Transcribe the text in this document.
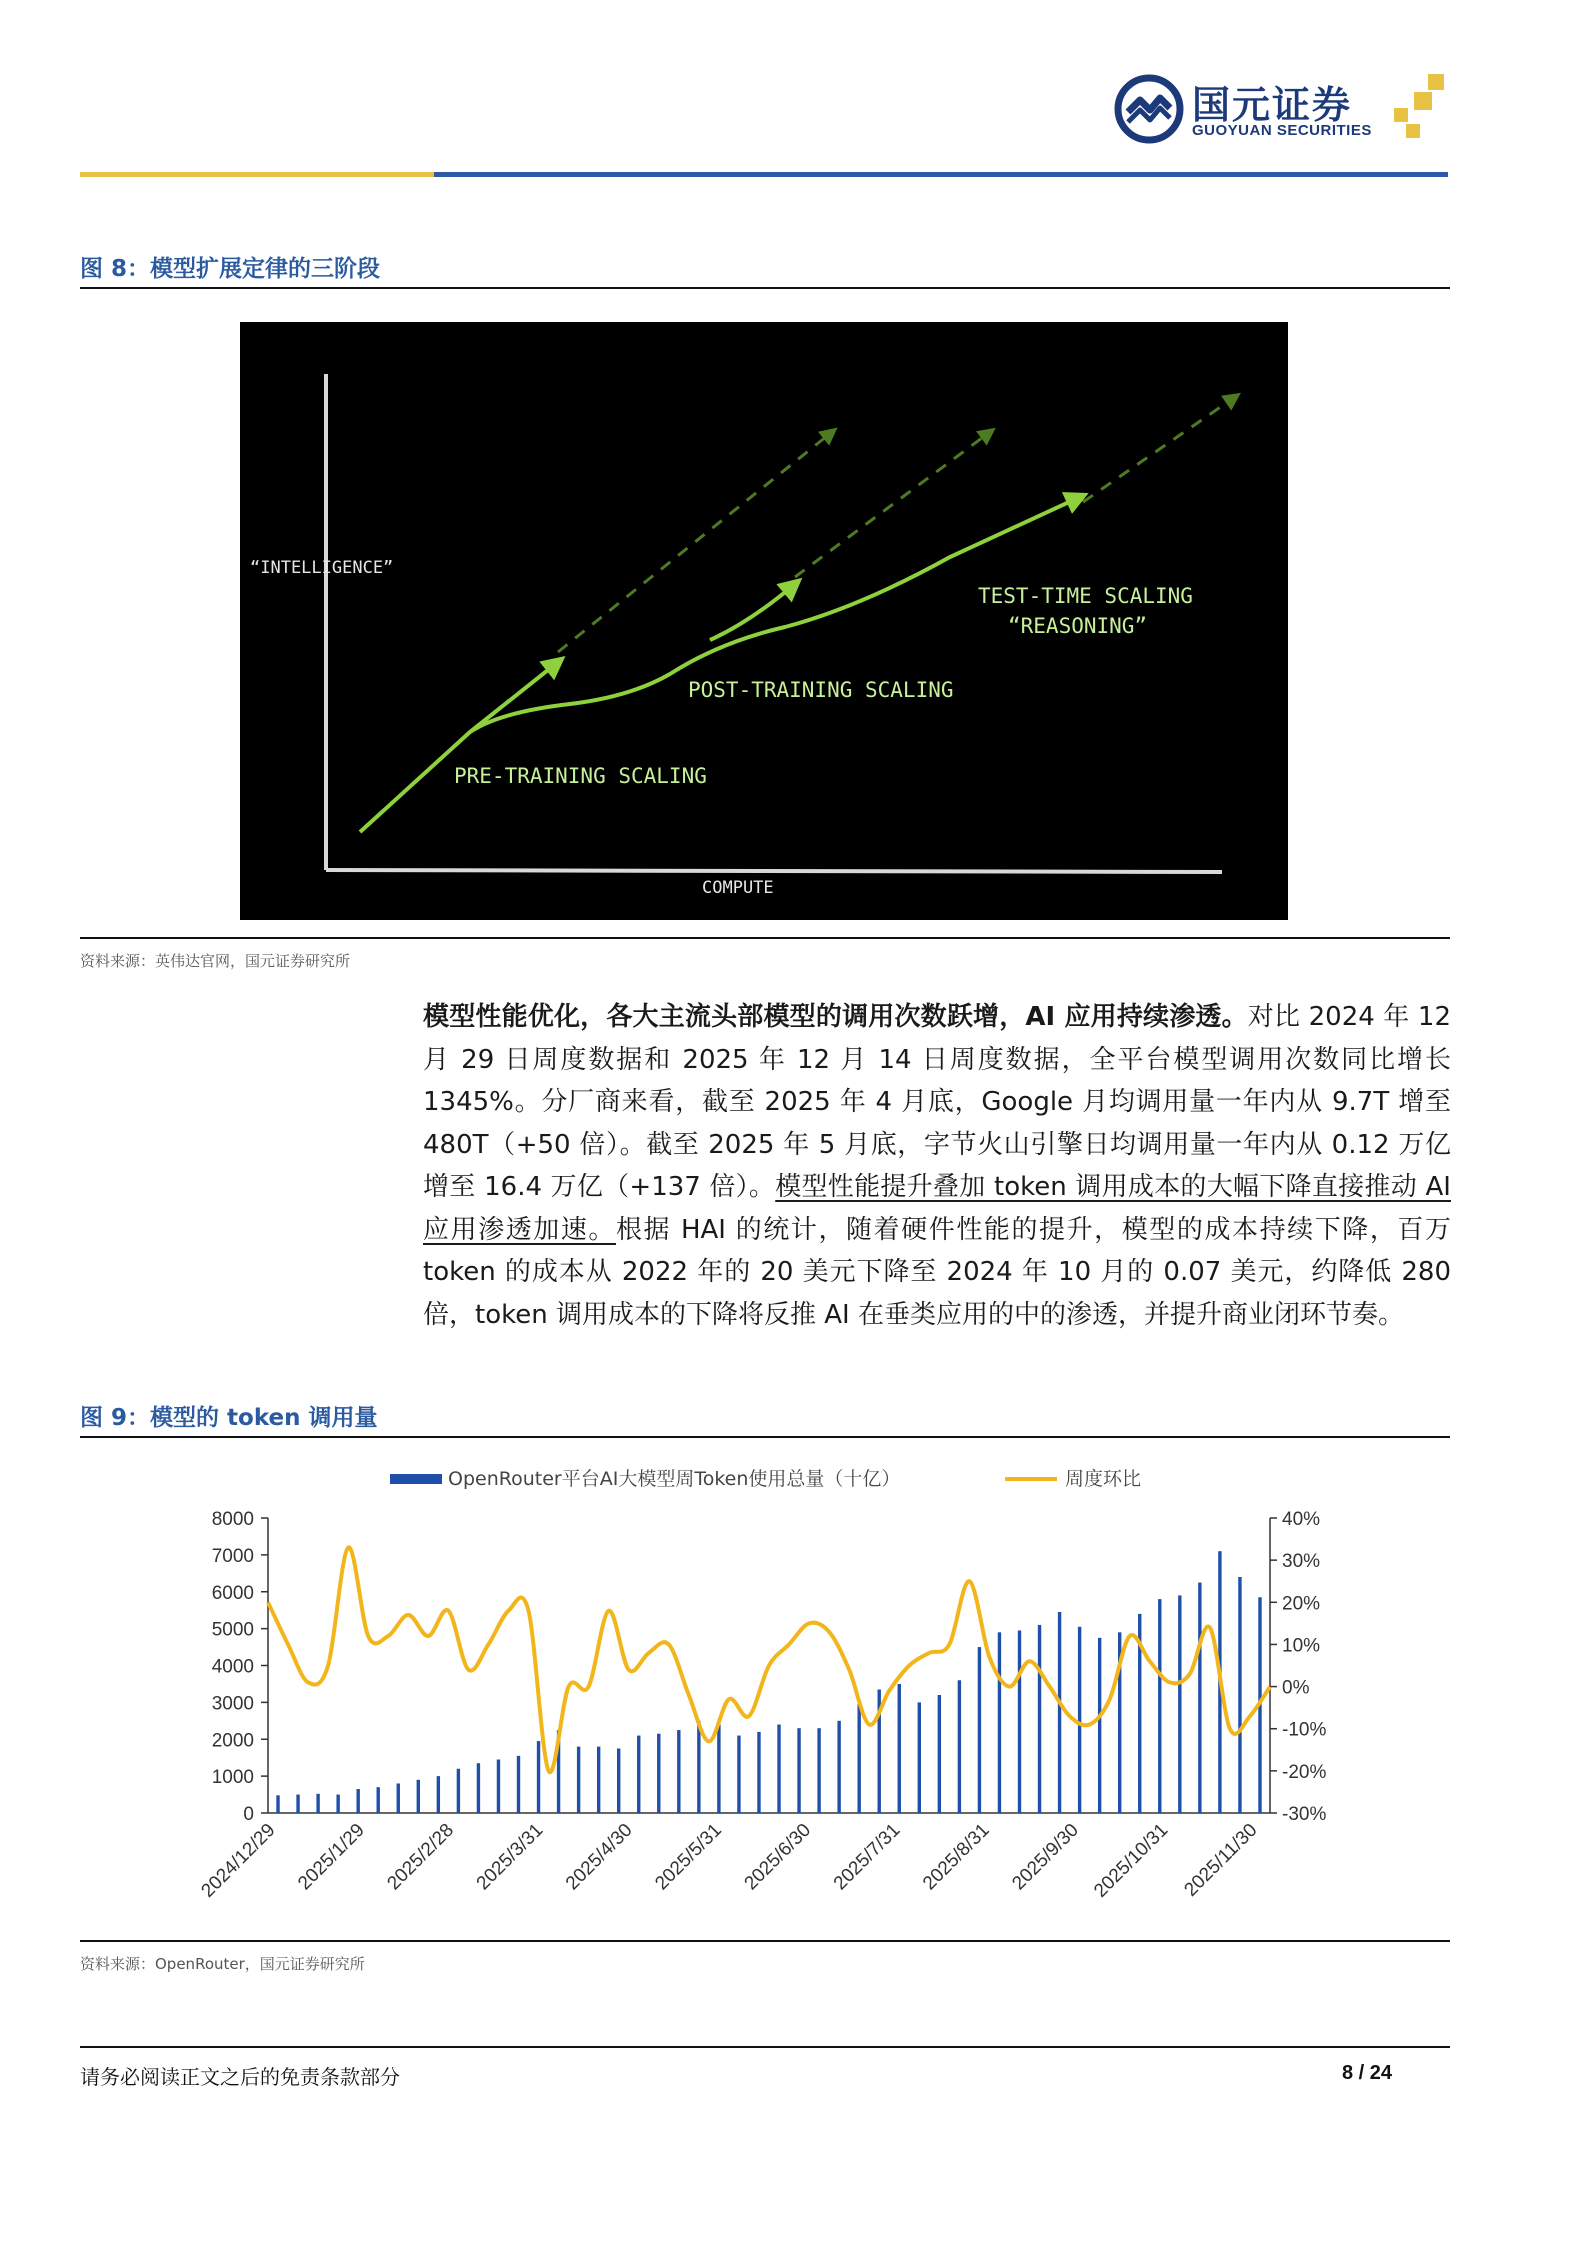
国元证券
GUOYUAN SECURITIES
图 8：模型扩展定律的三阶段
“INTELLIGENCE”
COMPUTE
PRE-TRAINING SCALING
POST-TRAINING SCALING
TEST-TIME SCALING
“REASONING”
资料来源：英伟达官网，国元证券研究所
模型性能优化，各大主流头部模型的调用次数跃增，AI 应用持续渗透。对比 2024 年 12 月 29 日周度数据和 2025 年 12 月 14 日周度数据，全平台模型调用次数同比增长 1345%。分厂商来看，截至 2025 年 4 月底，Google 月均调用量一年内从 9.7T 增至 480T（+50 倍）。截至 2025 年 5 月底，字节火山引擎日均调用量一年内从 0.12 万亿增至 16.4 万亿（+137 倍）。模型性能提升叠加 token 调用成本的大幅下降直接推动 AI 应用渗透加速。根据 HAI 的统计，随着硬件性能的提升，模型的成本持续下降，百万 token 的成本从 2022 年的 20 美元下降至 2024 年 10 月的 0.07 美元，约降低 280 倍，token 调用成本的下降将反推 AI 在垂类应用的中的渗透，并提升商业闭环节奏。
图 9：模型的 token 调用量
OpenRouter平台AI大模型周Token使用总量（十亿）	周度环比
0
1000
2000
3000
4000
5000
6000
7000
8000	40%
30%
20%
10%
0%
-10%
-20%
-30%
2024/12/29 2025/1/29 2025/2/28 2025/3/31 2025/4/30 2025/5/31 2025/6/30 2025/7/31 2025/8/31 2025/9/30 2025/10/31 2025/11/30
资料来源：OpenRouter，国元证券研究所
请务必阅读正文之后的免责条款部分	8 / 24
